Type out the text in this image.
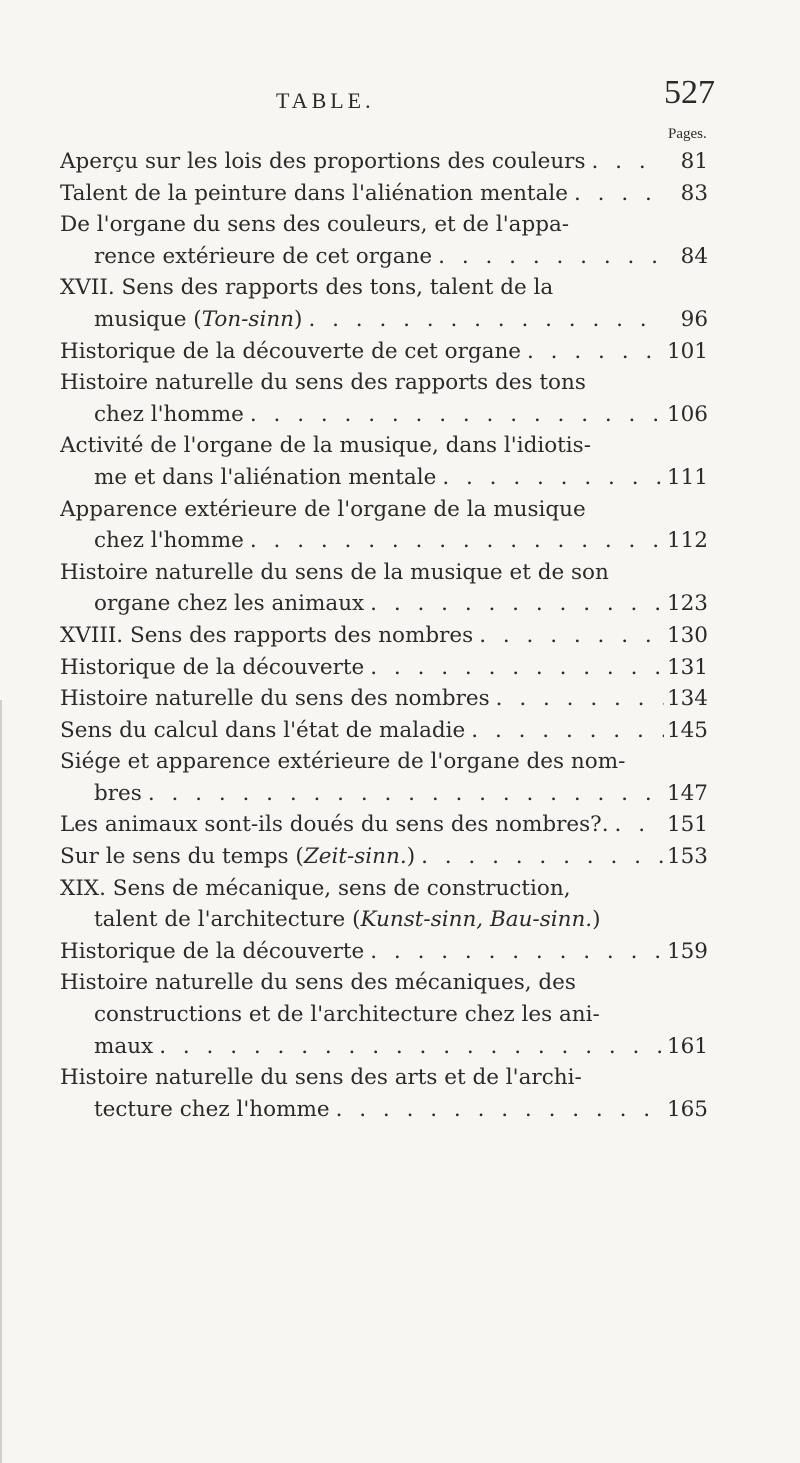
TABLE.	527
Pages.
Aperçu sur les lois des proportions des couleurs . . .	81
Talent de la peinture dans l'aliénation mentale . . .	83
De l'organe du sens des couleurs, et de l'appa-
rence extérieure de cet organe . . .	84
XVII. Sens des rapports des tons, talent de la
musique ( Ton-sinn ) . . .	96
Historique de la découverte de cet organe . . .	101
Histoire naturelle du sens des rapports des tons
chez l'homme . . .	106
Activité de l'organe de la musique, dans l'idiotis-
me et dans l'aliénation mentale . . .	111
Apparence extérieure de l'organe de la musique
chez l'homme . . .	112
Histoire naturelle du sens de la musique et de son
organe chez les animaux . . .	123
XVIII. Sens des rapports des nombres . . .	130
Historique de la découverte . . .	131
Histoire naturelle du sens des nombres . . .	134
Sens du calcul dans l'état de maladie . . .	145
Siége et apparence extérieure de l'organe des nom-
bres . . .	147
Les animaux sont-ils doués du sens des nombres?. . . .	151
Sur le sens du temps ( Zeit-sinn. ) . . .	153
XIX. Sens de mécanique, sens de construction,
talent de l'architecture ( Kunst-sinn, Bau-sinn. )
Historique de la découverte . . .	159
Histoire naturelle du sens des mécaniques, des
constructions et de l'architecture chez les ani-
maux . . .	161
Histoire naturelle du sens des arts et de l'archi-
tecture chez l'homme . . .	165
